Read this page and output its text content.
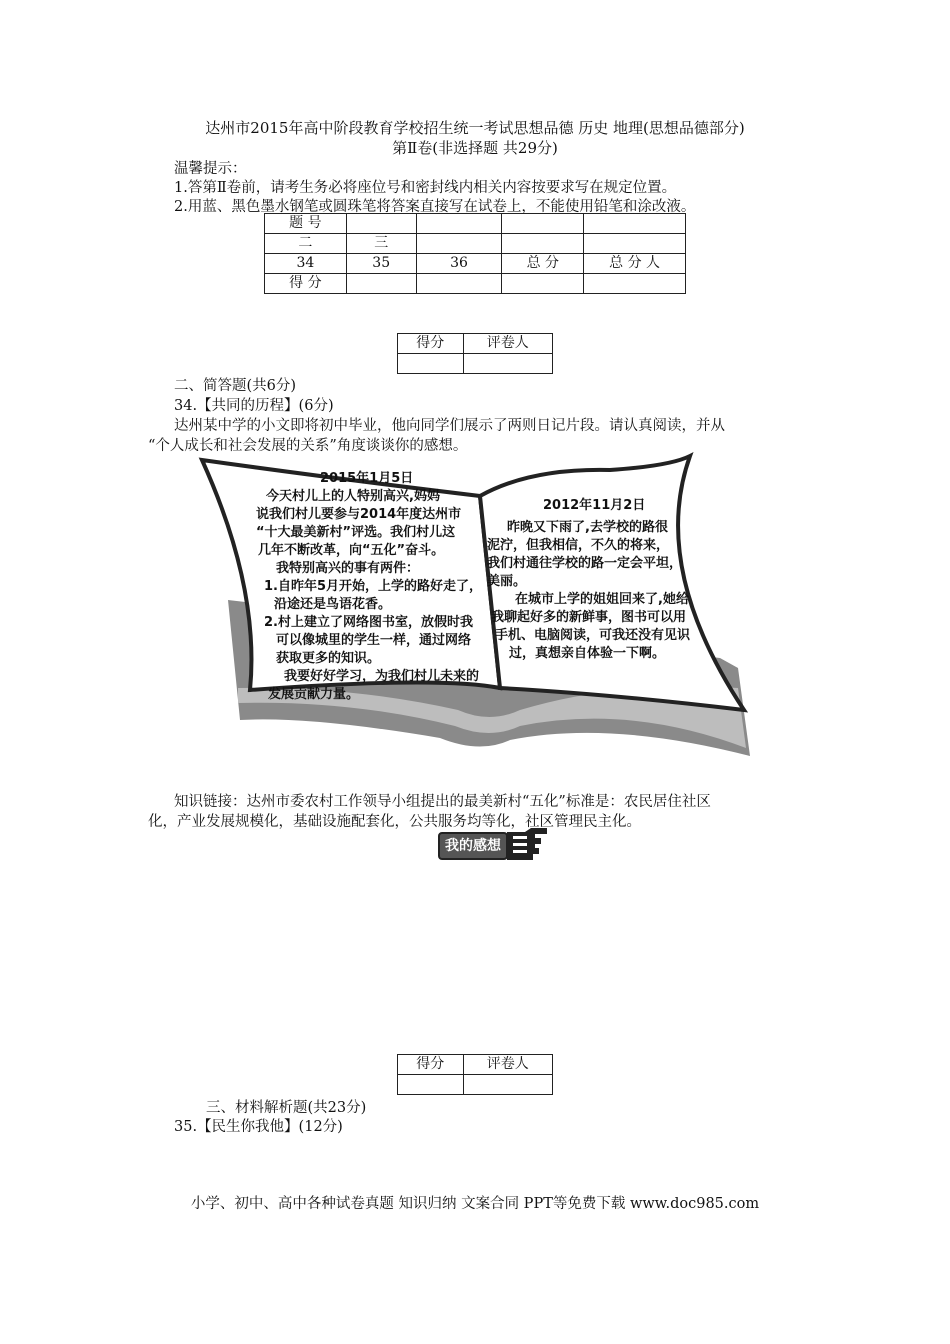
达州市2015年高中阶段教育学校招生统一考试思想品德 历史 地理(思想品德部分)
第Ⅱ卷(非选择题 共29分)
温馨提示：
1.答第Ⅱ卷前，请考生务必将座位号和密封线内相关内容按要求写在规定位置。
2.用蓝、黑色墨水钢笔或圆珠笔将答案直接写在试卷上，不能使用铅笔和涂改液。
题 号				
二	三			
34	35	36	总 分	总 分 人
得 分				
得分	评卷人

二、简答题(共6分)
34.【共同的历程】(6分)
达州某中学的小文即将初中毕业，他向同学们展示了两则日记片段。请认真阅读，并从
“个人成长和社会发展的关系”角度谈谈你的感想。
2015年1月5日
今天村儿上的人特别高兴,妈妈
说我们村儿要参与2014年度达州市
“十大最美新村”评选。我们村儿这
几年不断改革，向“五化”奋斗。
我特别高兴的事有两件：
1.自昨年5月开始，上学的路好走了，
沿途还是鸟语花香。
2.村上建立了网络图书室，放假时我
可以像城里的学生一样，通过网络
获取更多的知识。
我要好好学习，为我们村儿未来的
发展贡献力量。
2012年11月2日
昨晚又下雨了,去学校的路很
泥泞，但我相信，不久的将来，
我们村通往学校的路一定会平坦，
美丽。
在城市上学的姐姐回来了,她给
我聊起好多的新鲜事，图书可以用
手机、电脑阅读，可我还没有见识
过，真想亲自体验一下啊。
知识链接：达州市委农村工作领导小组提出的最美新村“五化”标准是：农民居住社区
化，产业发展规模化，基础设施配套化，公共服务均等化，社区管理民主化。
我的感想
得分	评卷人

三、材料解析题(共23分)
35.【民生你我他】(12分)
小学、初中、高中各种试卷真题 知识归纳 文案合同 PPT等免费下载 www.doc985.com
